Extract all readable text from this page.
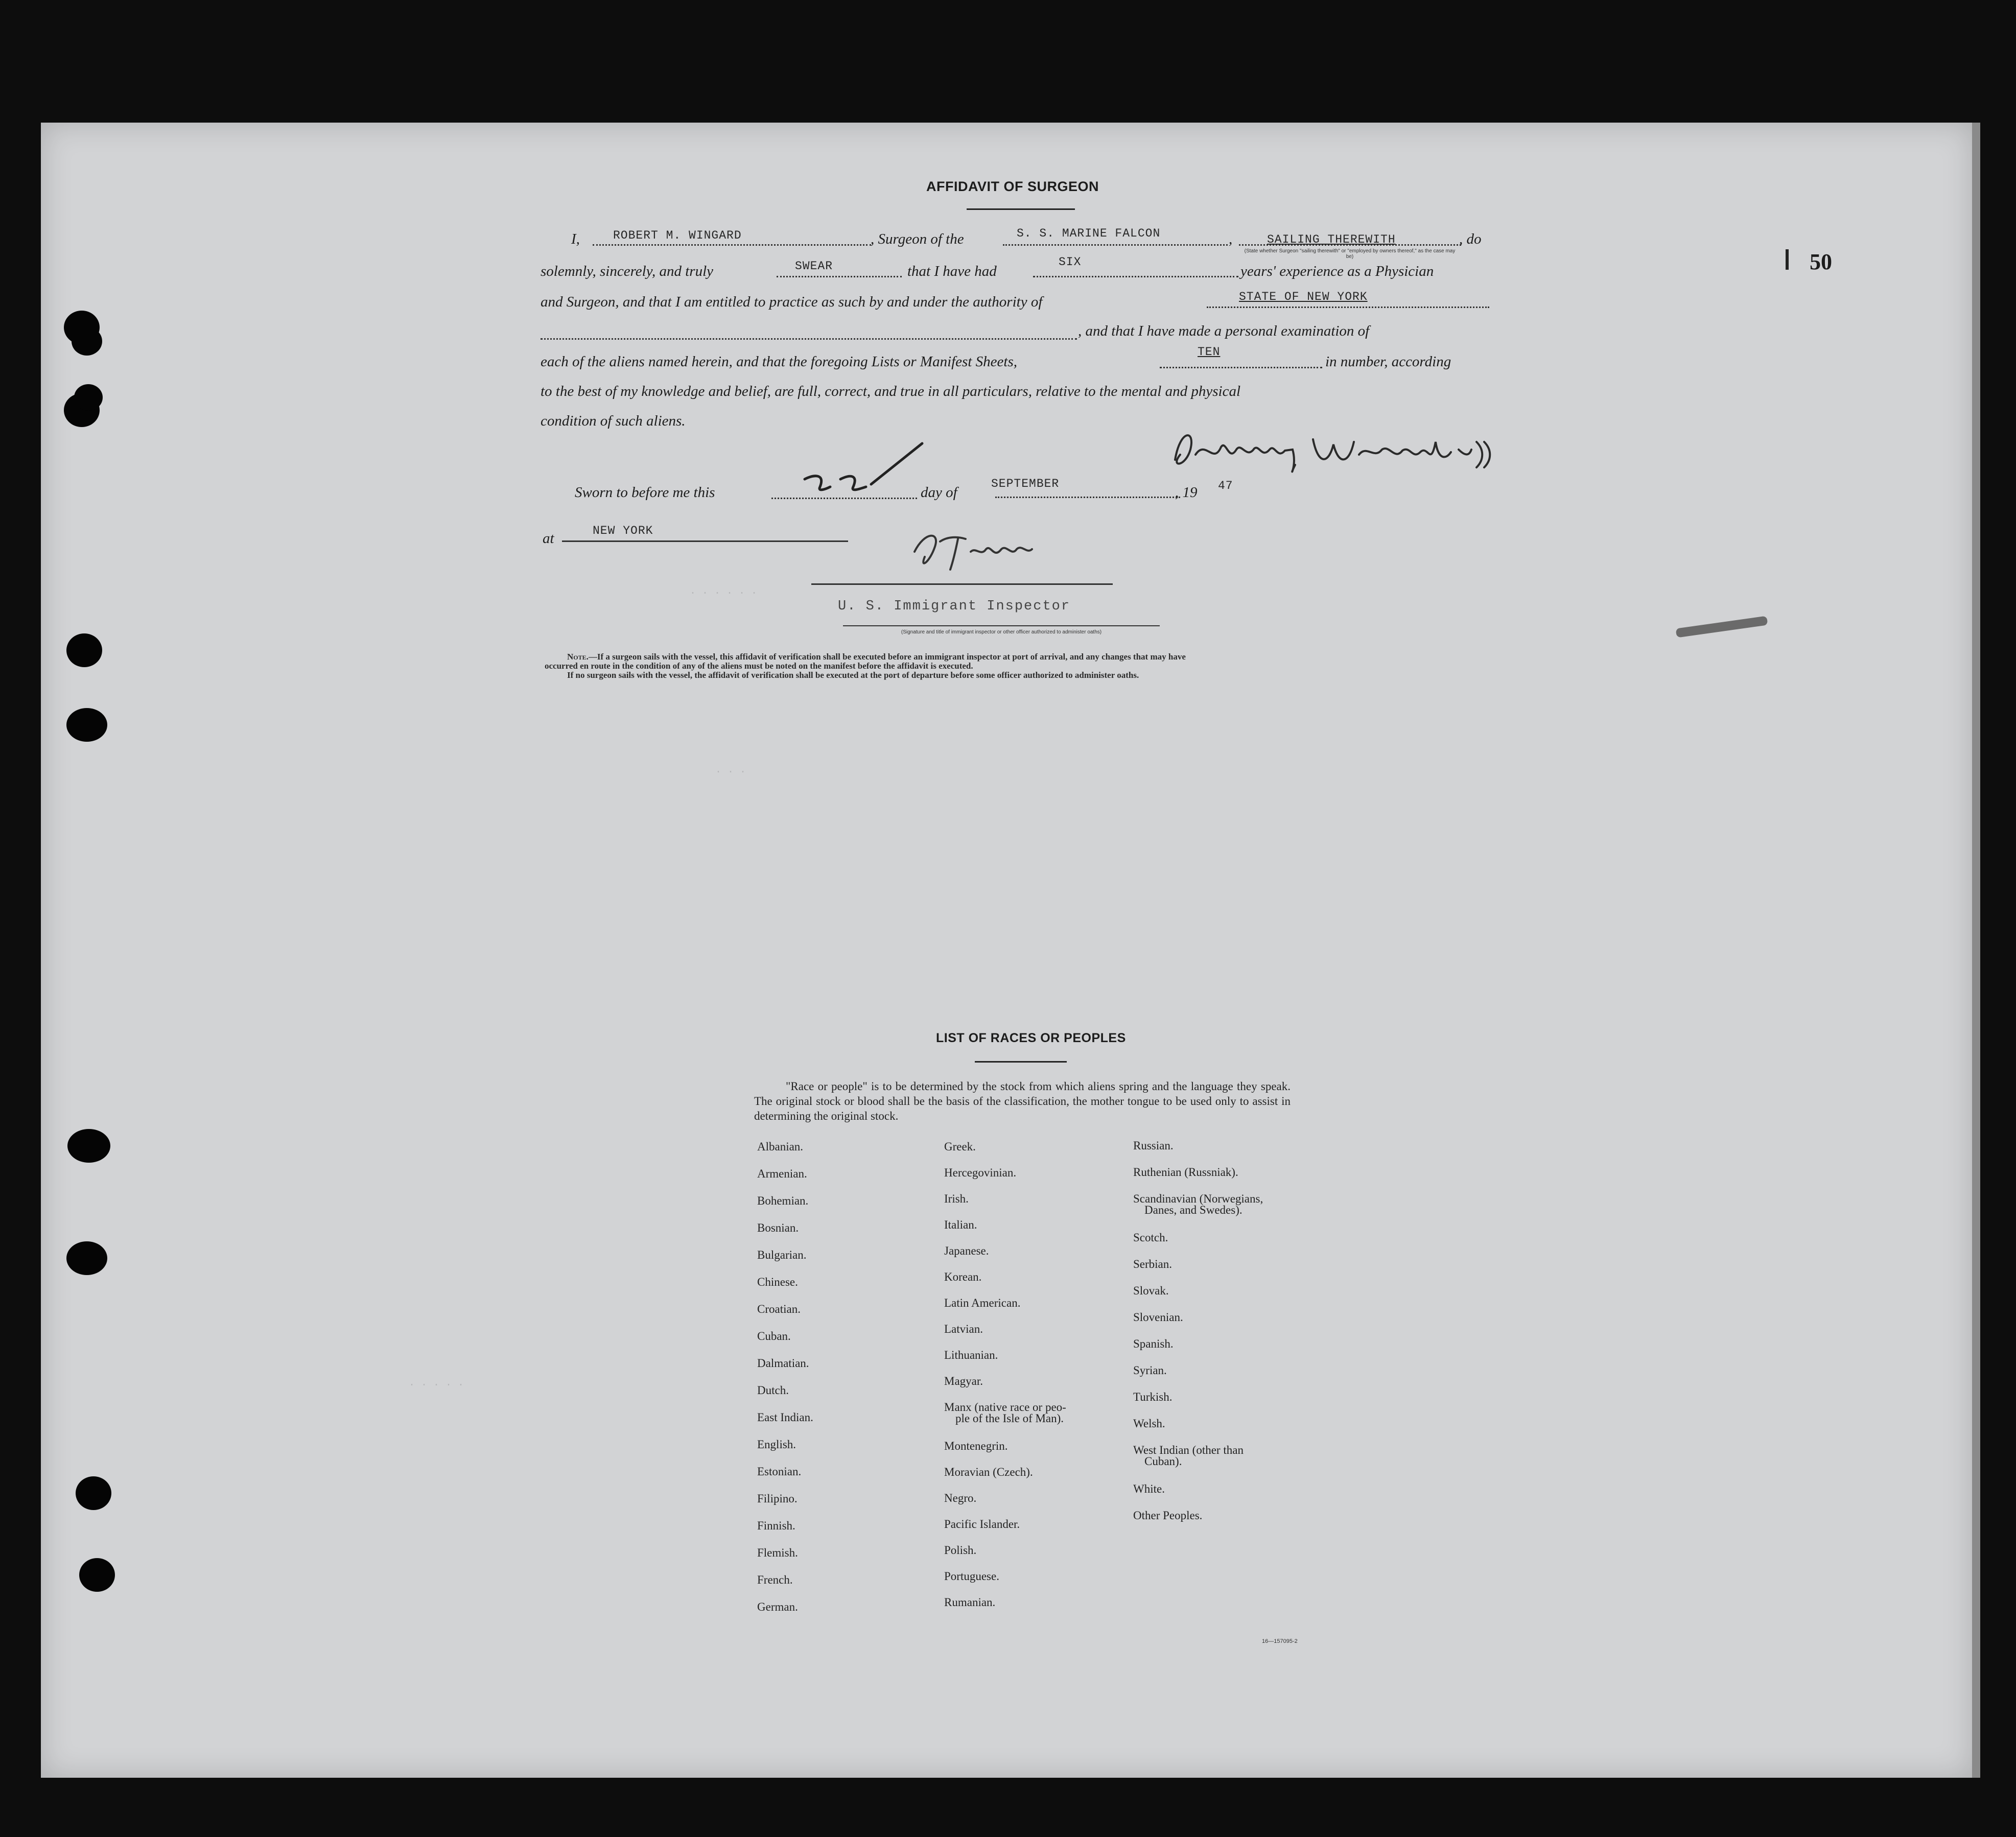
· · · · · ·
· · ·
· · · · ·
50
AFFIDAVIT OF SURGEON
I,	ROBERT M. WINGARD	, Surgeon of the	S. S. MARINE FALCON	,	SAILING THEREWITH	, do
(State whether Surgeon "sailing therewith" or "employed by owners thereof," as the case may be)
solemnly, sincerely, and truly	SWEAR	that I have had
SIX
years' experience as a Physician
and Surgeon, and that I am entitled to practice as such by and under the authority of	STATE OF NEW YORK
, and that I have made a personal examination of
each of the aliens named herein, and that the foregoing Lists or Manifest Sheets,
TEN
in number, according
to the best of my knowledge and belief, are full, correct, and true in all particulars, relative to the mental and physical
condition of such aliens.
Sworn to before me this	day of
SEPTEMBER
, 19 47
at	NEW YORK
U. S. Immigrant Inspector
(Signature and title of immigrant inspector or other officer authorized to administer oaths)
Note.—If a surgeon sails with the vessel, this affidavit of verification shall be executed before an immigrant inspector at port of arrival, and any changes that may have
occurred en route in the condition of any of the aliens must be noted on the manifest before the affidavit is executed.
If no surgeon sails with the vessel, the affidavit of verification shall be executed at the port of departure before some officer authorized to administer oaths.
LIST OF RACES OR PEOPLES
"Race or people" is to be determined by the stock from which aliens spring and the language they speak. The original stock or blood shall be the basis of the classification, the mother tongue to be used only to assist in determining the original stock.
Albanian.
Armenian.
Bohemian.
Bosnian.
Bulgarian.
Chinese.
Croatian.
Cuban.
Dalmatian.
Dutch.
East Indian.
English.
Estonian.
Filipino.
Finnish.
Flemish.
French.
German.
Greek.
Hercegovinian.
Irish.
Italian.
Japanese.
Korean.
Latin American.
Latvian.
Lithuanian.
Magyar.
Manx (native race or peo-
ple of the Isle of Man).
Montenegrin.
Moravian (Czech).
Negro.
Pacific Islander.
Polish.
Portuguese.
Rumanian.
Russian.
Ruthenian (Russniak).
Scandinavian (Norwegians,
Danes, and Swedes).
Scotch.
Serbian.
Slovak.
Slovenian.
Spanish.
Syrian.
Turkish.
Welsh.
West Indian (other than
Cuban).
White.
Other Peoples.
16—157095-2
